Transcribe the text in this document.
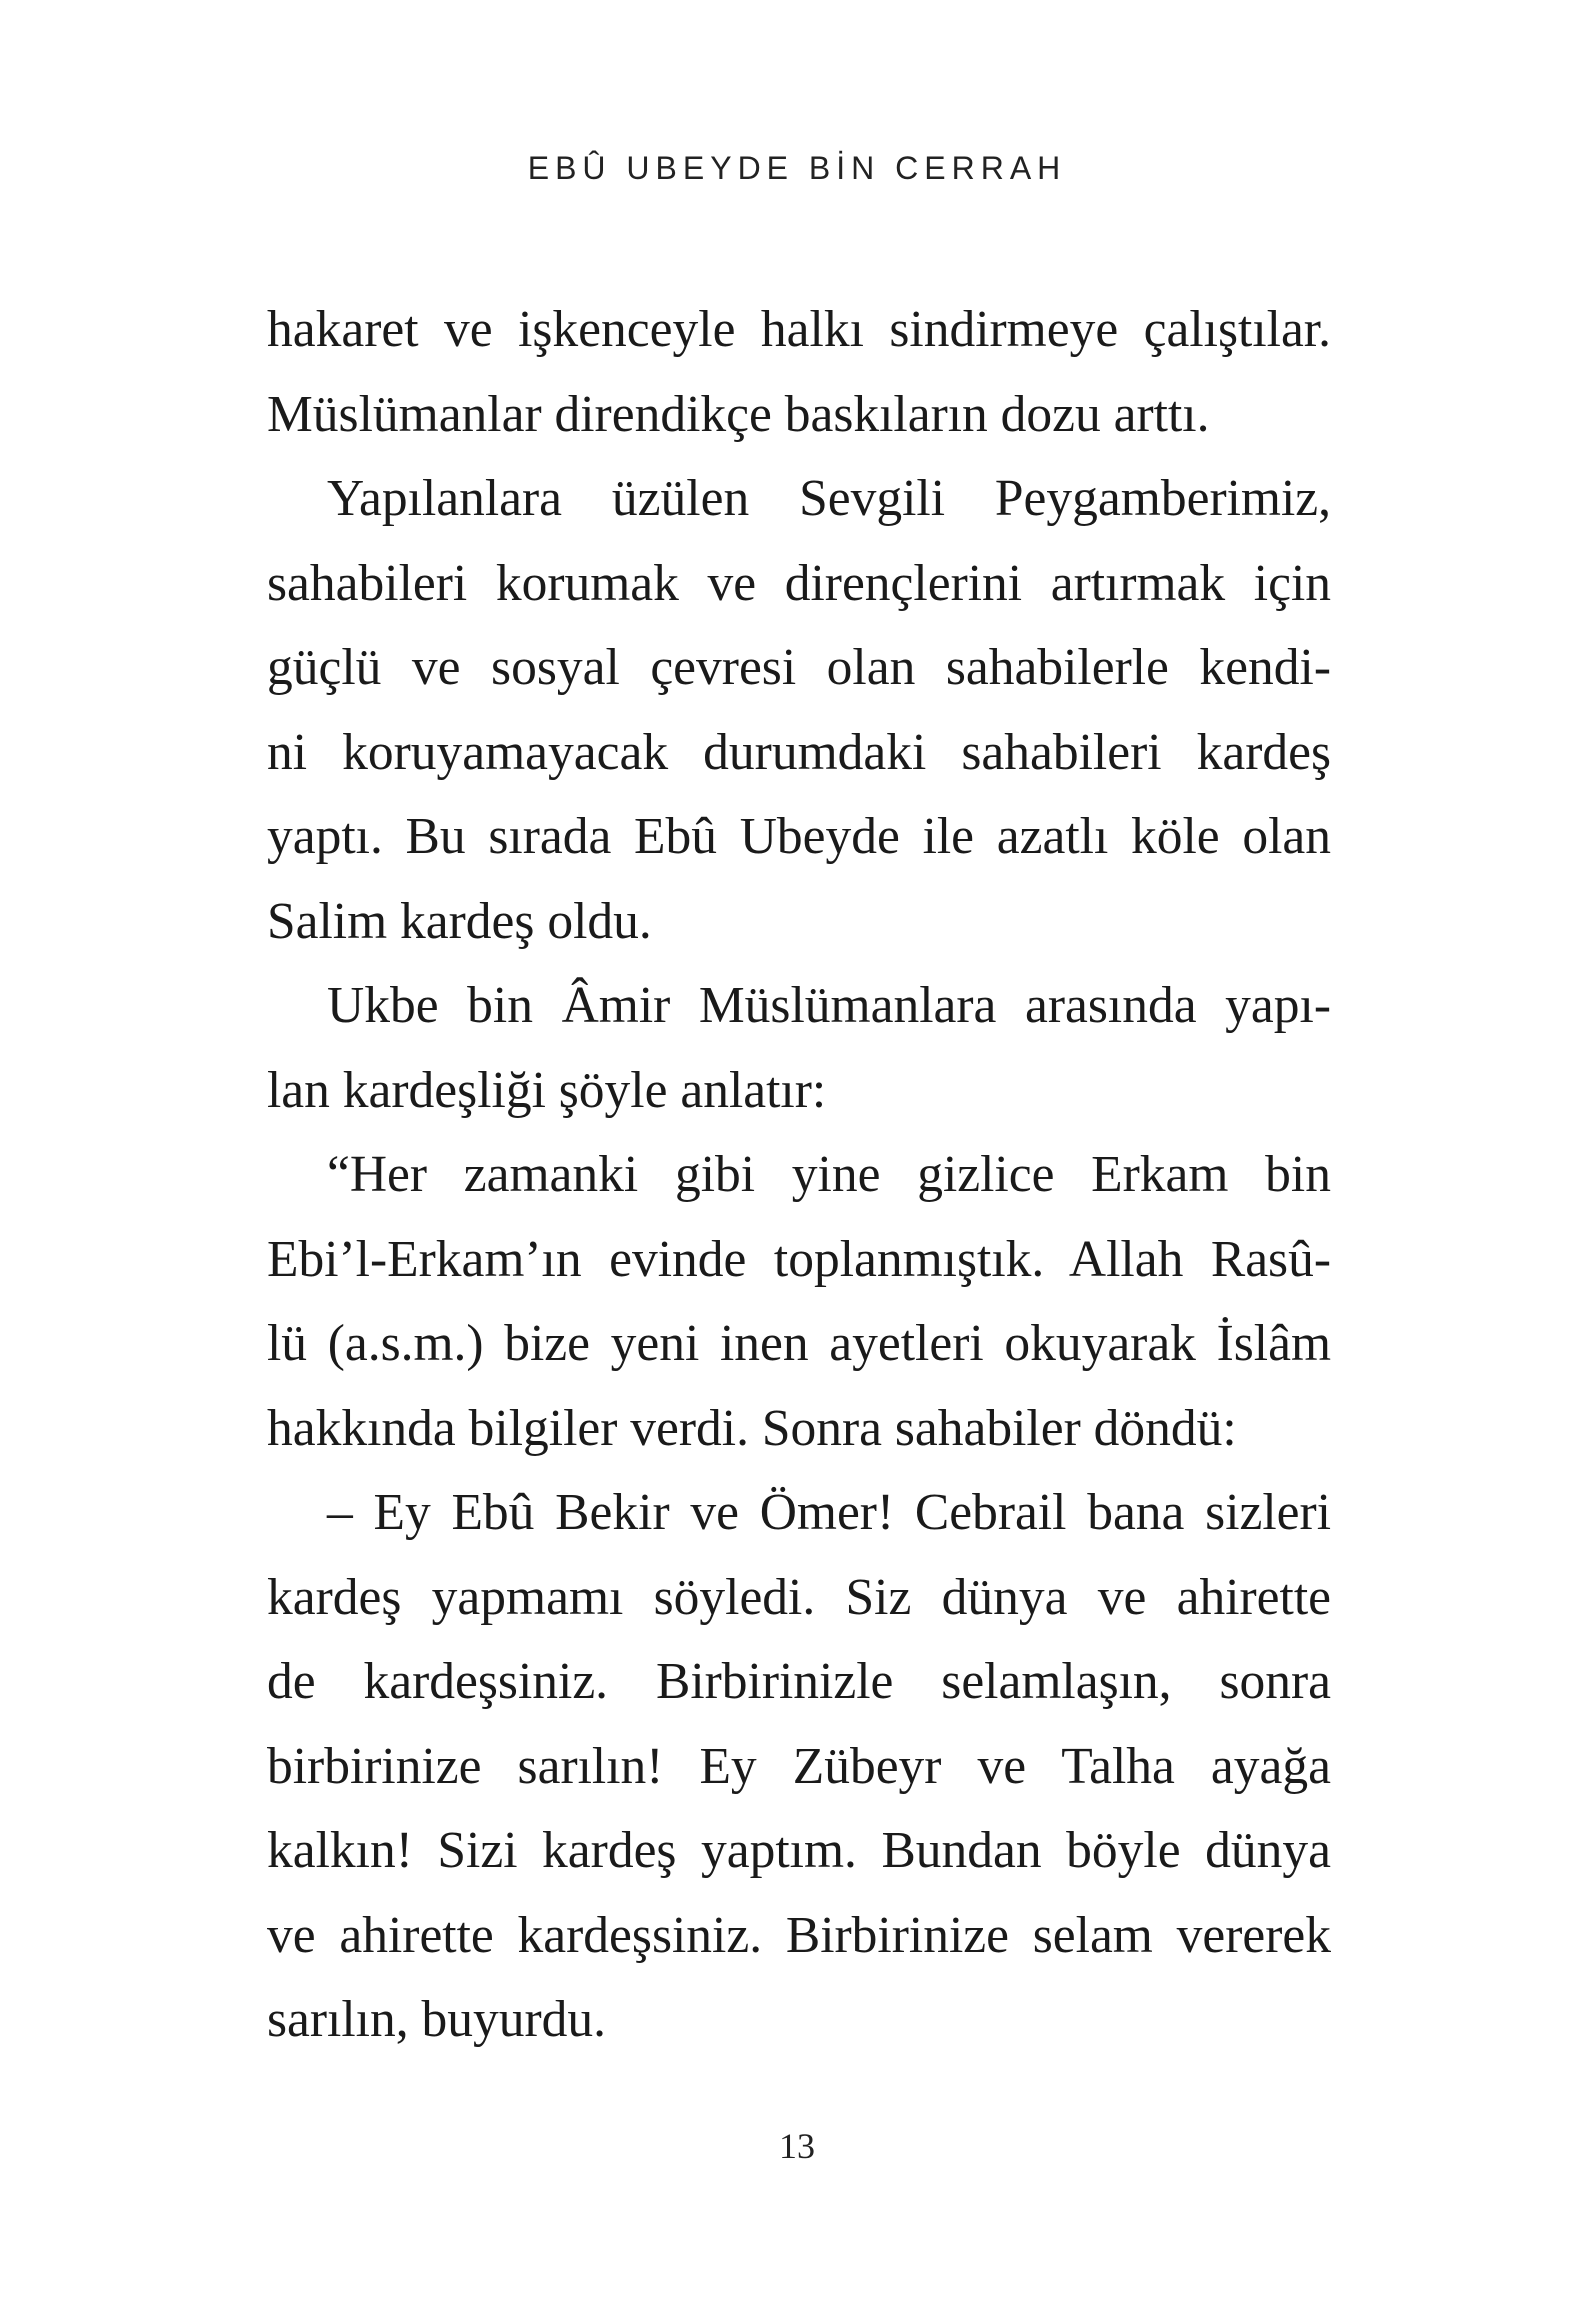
EBÛ UBEYDE BİN CERRAH
hakaret ve işkenceyle halkı sindirmeye çalıştılar.
Müslümanlar direndikçe baskıların dozu arttı.
Yapılanlara üzülen Sevgili Peygamberimiz,
sahabileri korumak ve dirençlerini artırmak için
güçlü ve sosyal çevresi olan sahabilerle kendi-
ni koruyamayacak durumdaki sahabileri kardeş
yaptı. Bu sırada Ebû Ubeyde ile azatlı köle olan
Salim kardeş oldu.
Ukbe bin Âmir Müslümanlara arasında yapı-
lan kardeşliği şöyle anlatır:
“Her zamanki gibi yine gizlice Erkam bin
Ebi’l-Erkam’ın evinde toplanmıştık. Allah Rasû-
lü (a.s.m.) bize yeni inen ayetleri okuyarak İslâm
hakkında bilgiler verdi. Sonra sahabiler döndü:
– Ey Ebû Bekir ve Ömer! Cebrail bana sizleri
kardeş yapmamı söyledi. Siz dünya ve ahirette
de kardeşsiniz. Birbirinizle selamlaşın, sonra
birbirinize sarılın! Ey Zübeyr ve Talha ayağa
kalkın! Sizi kardeş yaptım. Bundan böyle dünya
ve ahirette kardeşsiniz. Birbirinize selam vererek
sarılın, buyurdu.
13
